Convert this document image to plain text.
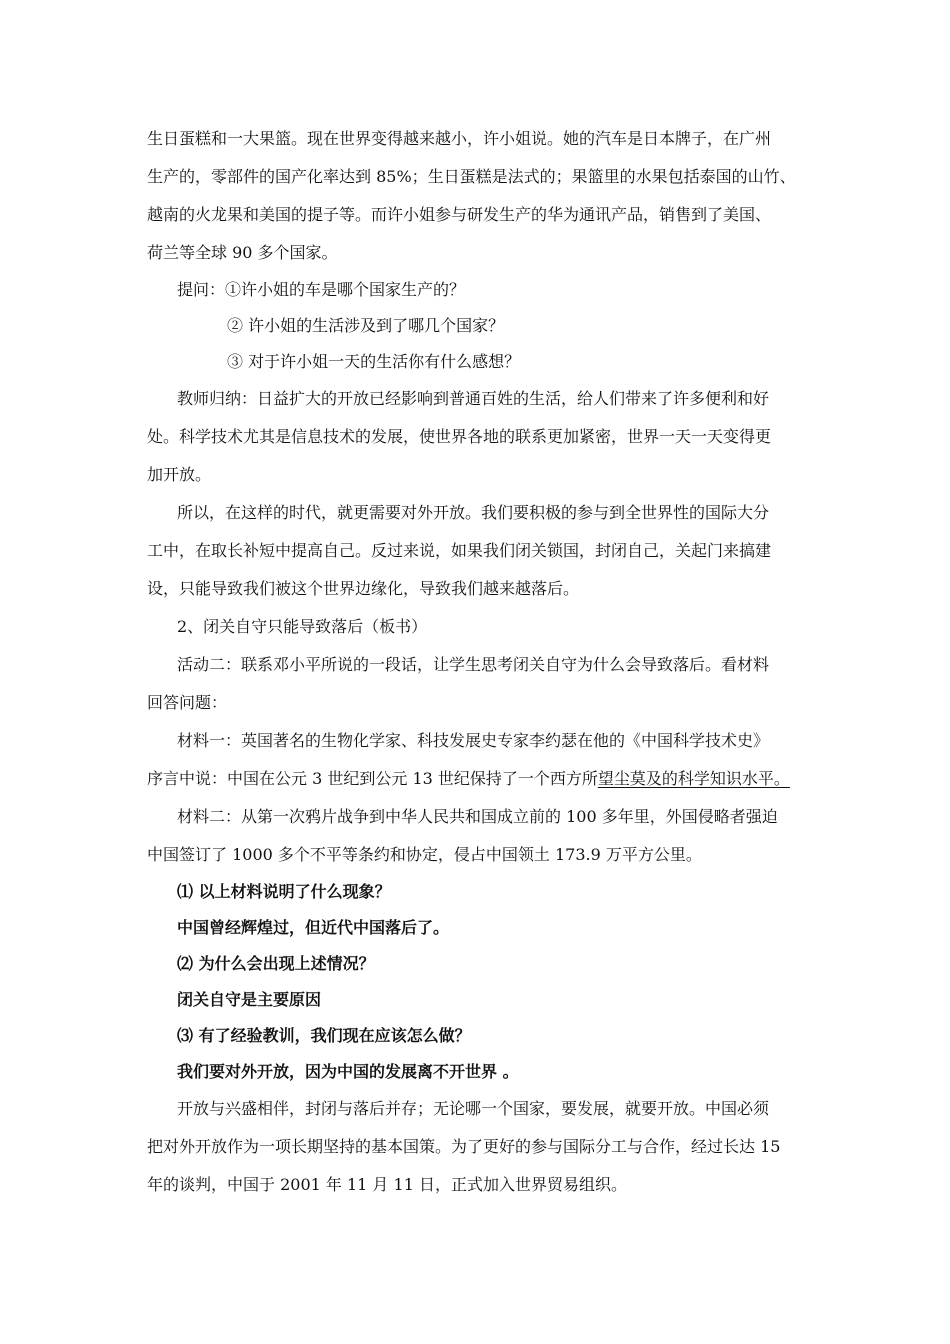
生日蛋糕和一大果篮。现在世界变得越来越小，许小姐说。她的汽车是日本牌子，在广州
生产的，零部件的国产化率达到 85%；生日蛋糕是法式的；果篮里的水果包括泰国的山竹、
越南的火龙果和美国的提子等。而许小姐参与研发生产的华为通讯产品，销售到了美国、
荷兰等全球 90 多个国家。
提问：①许小姐的车是哪个国家生产的？
② 许小姐的生活涉及到了哪几个国家？
③ 对于许小姐一天的生活你有什么感想？
教师归纳：日益扩大的开放已经影响到普通百姓的生活，给人们带来了许多便利和好
处。科学技术尤其是信息技术的发展，使世界各地的联系更加紧密，世界一天一天变得更
加开放。
所以，在这样的时代，就更需要对外开放。我们要积极的参与到全世界性的国际大分
工中，在取长补短中提高自己。反过来说，如果我们闭关锁国，封闭自己，关起门来搞建
设，只能导致我们被这个世界边缘化，导致我们越来越落后。
2、闭关自守只能导致落后（板书）
活动二：联系邓小平所说的一段话，让学生思考闭关自守为什么会导致落后。看材料
回答问题：
材料一：英国著名的生物化学家、科技发展史专家李约瑟在他的《中国科学技术史》
序言中说：中国在公元 3 世纪到公元 13 世纪保持了一个西方所望尘莫及的科学知识水平。
材料二：从第一次鸦片战争到中华人民共和国成立前的 100 多年里，外国侵略者强迫
中国签订了 1000 多个不平等条约和协定，侵占中国领土 173.9 万平方公里。
⑴ 以上材料说明了什么现象？
中国曾经辉煌过，但近代中国落后了。
⑵ 为什么会出现上述情况？
闭关自守是主要原因
⑶ 有了经验教训，我们现在应该怎么做？
我们要对外开放，因为中国的发展离不开世界 。
开放与兴盛相伴，封闭与落后并存；无论哪一个国家，要发展，就要开放。中国必须
把对外开放作为一项长期坚持的基本国策。为了更好的参与国际分工与合作，经过长达 15
年的谈判，中国于 2001 年 11 月 11 日，正式加入世界贸易组织。
